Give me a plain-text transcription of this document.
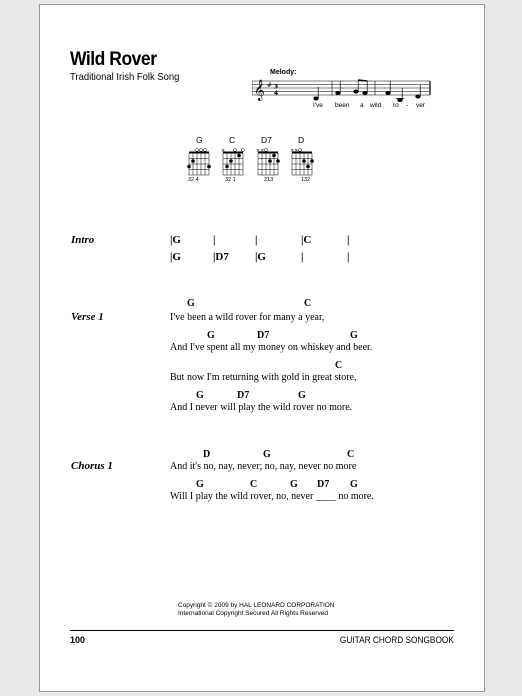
Wild Rover
Traditional Irish Folk Song	Melody:
𝄞 # 3
4
I've been a wild ro - ver
G
32 4
C
×
32 1
D7
××
213
D
××
132
Intro	|G	|	|	|C	|
|G	|D7 |G	|	|
Verse 1
G	C
I've been a wild rover for many a year,
G	D7	G
And I've spent all my money on whiskey and beer.
C
But now I'm returning with gold in great store,
G	D7	G
And I never will play the wild rover no more.
Chorus 1
D	G	C
And it's no, nay, never; no, nay, never no more
G	C	G D7 G
Will I play the wild rover, no, never ____ no more.
Copyright © 2009 by HAL LEONARD CORPORATION
International Copyright Secured All Rights Reserved
100	GUITAR CHORD SONGBOOK
